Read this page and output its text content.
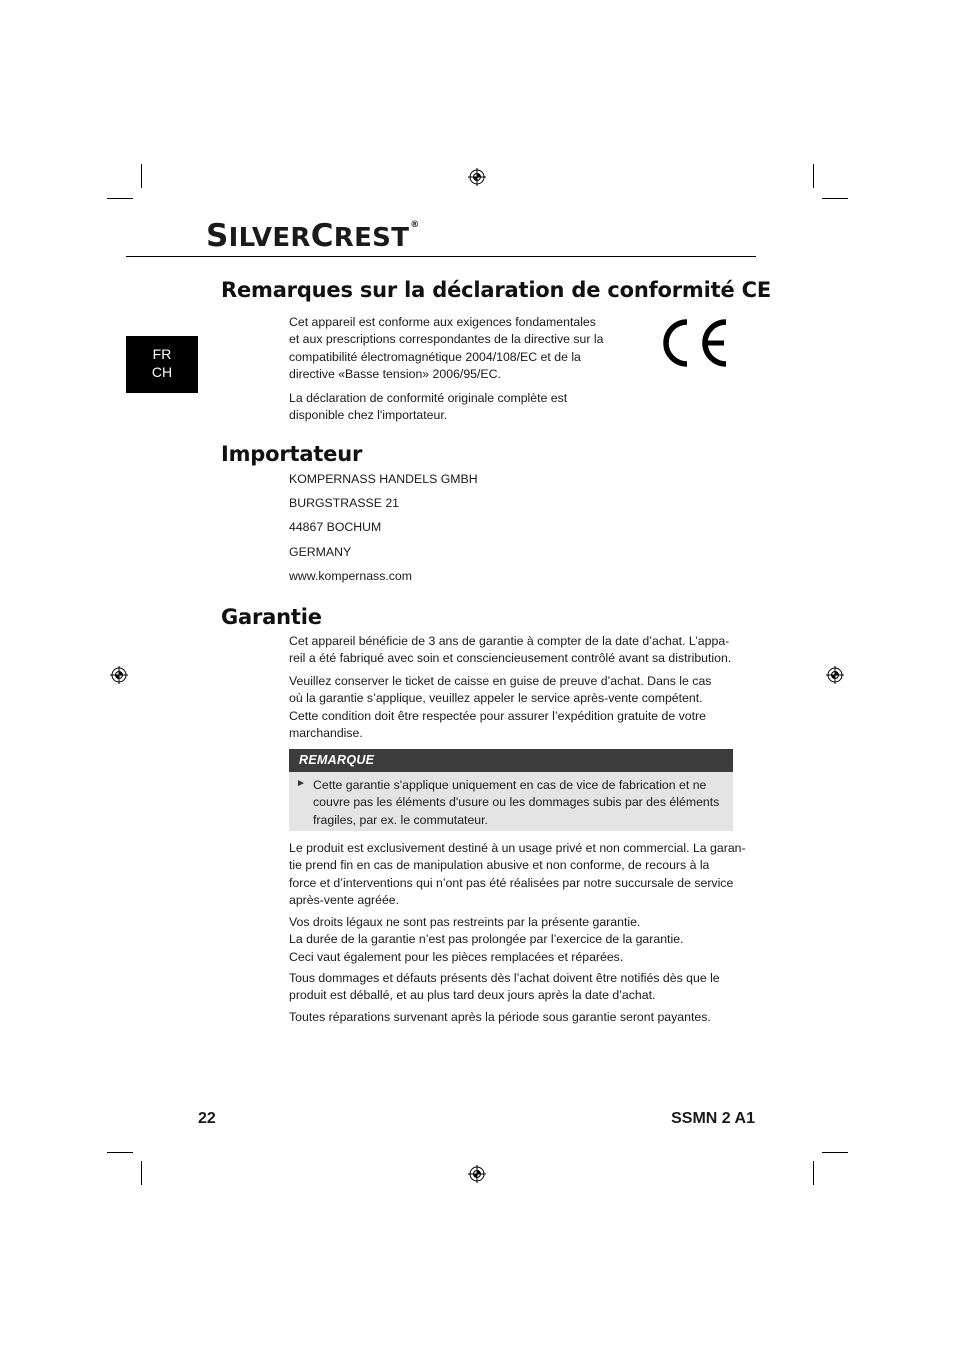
SILVERCREST®
FR
CH
Remarques sur la déclaration de conformité CE

Cet appareil est conforme aux exigences fondamentales
et aux prescriptions correspondantes de la directive sur la
compatibilité électromagnétique 2004/108/EC et de la
directive «Basse tension» 2006/95/EC.

La déclaration de conformité originale complète est
disponible chez l'importateur.

Importateur

KOMPERNASS HANDELS GMBH

BURGSTRASSE 21

44867 BOCHUM

GERMANY

www.kompernass.com

Garantie

Cet appareil bénéficie de 3 ans de garantie à compter de la date d’achat. L’appa-
reil a été fabriqué avec soin et consciencieusement contrôlé avant sa distribution.

Veuillez conserver le ticket de caisse en guise de preuve d’achat. Dans le cas
où la garantie s’applique, veuillez appeler le service après-vente compétent.
Cette condition doit être respectée pour assurer l’expédition gratuite de votre
marchandise.

REMARQUE
► Cette garantie s'applique uniquement en cas de vice de fabrication et ne
couvre pas les éléments d'usure ou les dommages subis par des éléments
fragiles, par ex. le commutateur.

Le produit est exclusivement destiné à un usage privé et non commercial. La garan-
tie prend fin en cas de manipulation abusive et non conforme, de recours à la
force et d’interventions qui n’ont pas été réalisées par notre succursale de service
après-vente agréée.

Vos droits légaux ne sont pas restreints par la présente garantie.
La durée de la garantie n’est pas prolongée par l’exercice de la garantie.
Ceci vaut également pour les pièces remplacées et réparées.

Tous dommages et défauts présents dès l’achat doivent être notifiés dès que le
produit est déballé, et au plus tard deux jours après la date d’achat.

Toutes réparations survenant après la période sous garantie seront payantes.

22	SSMN 2 A1
